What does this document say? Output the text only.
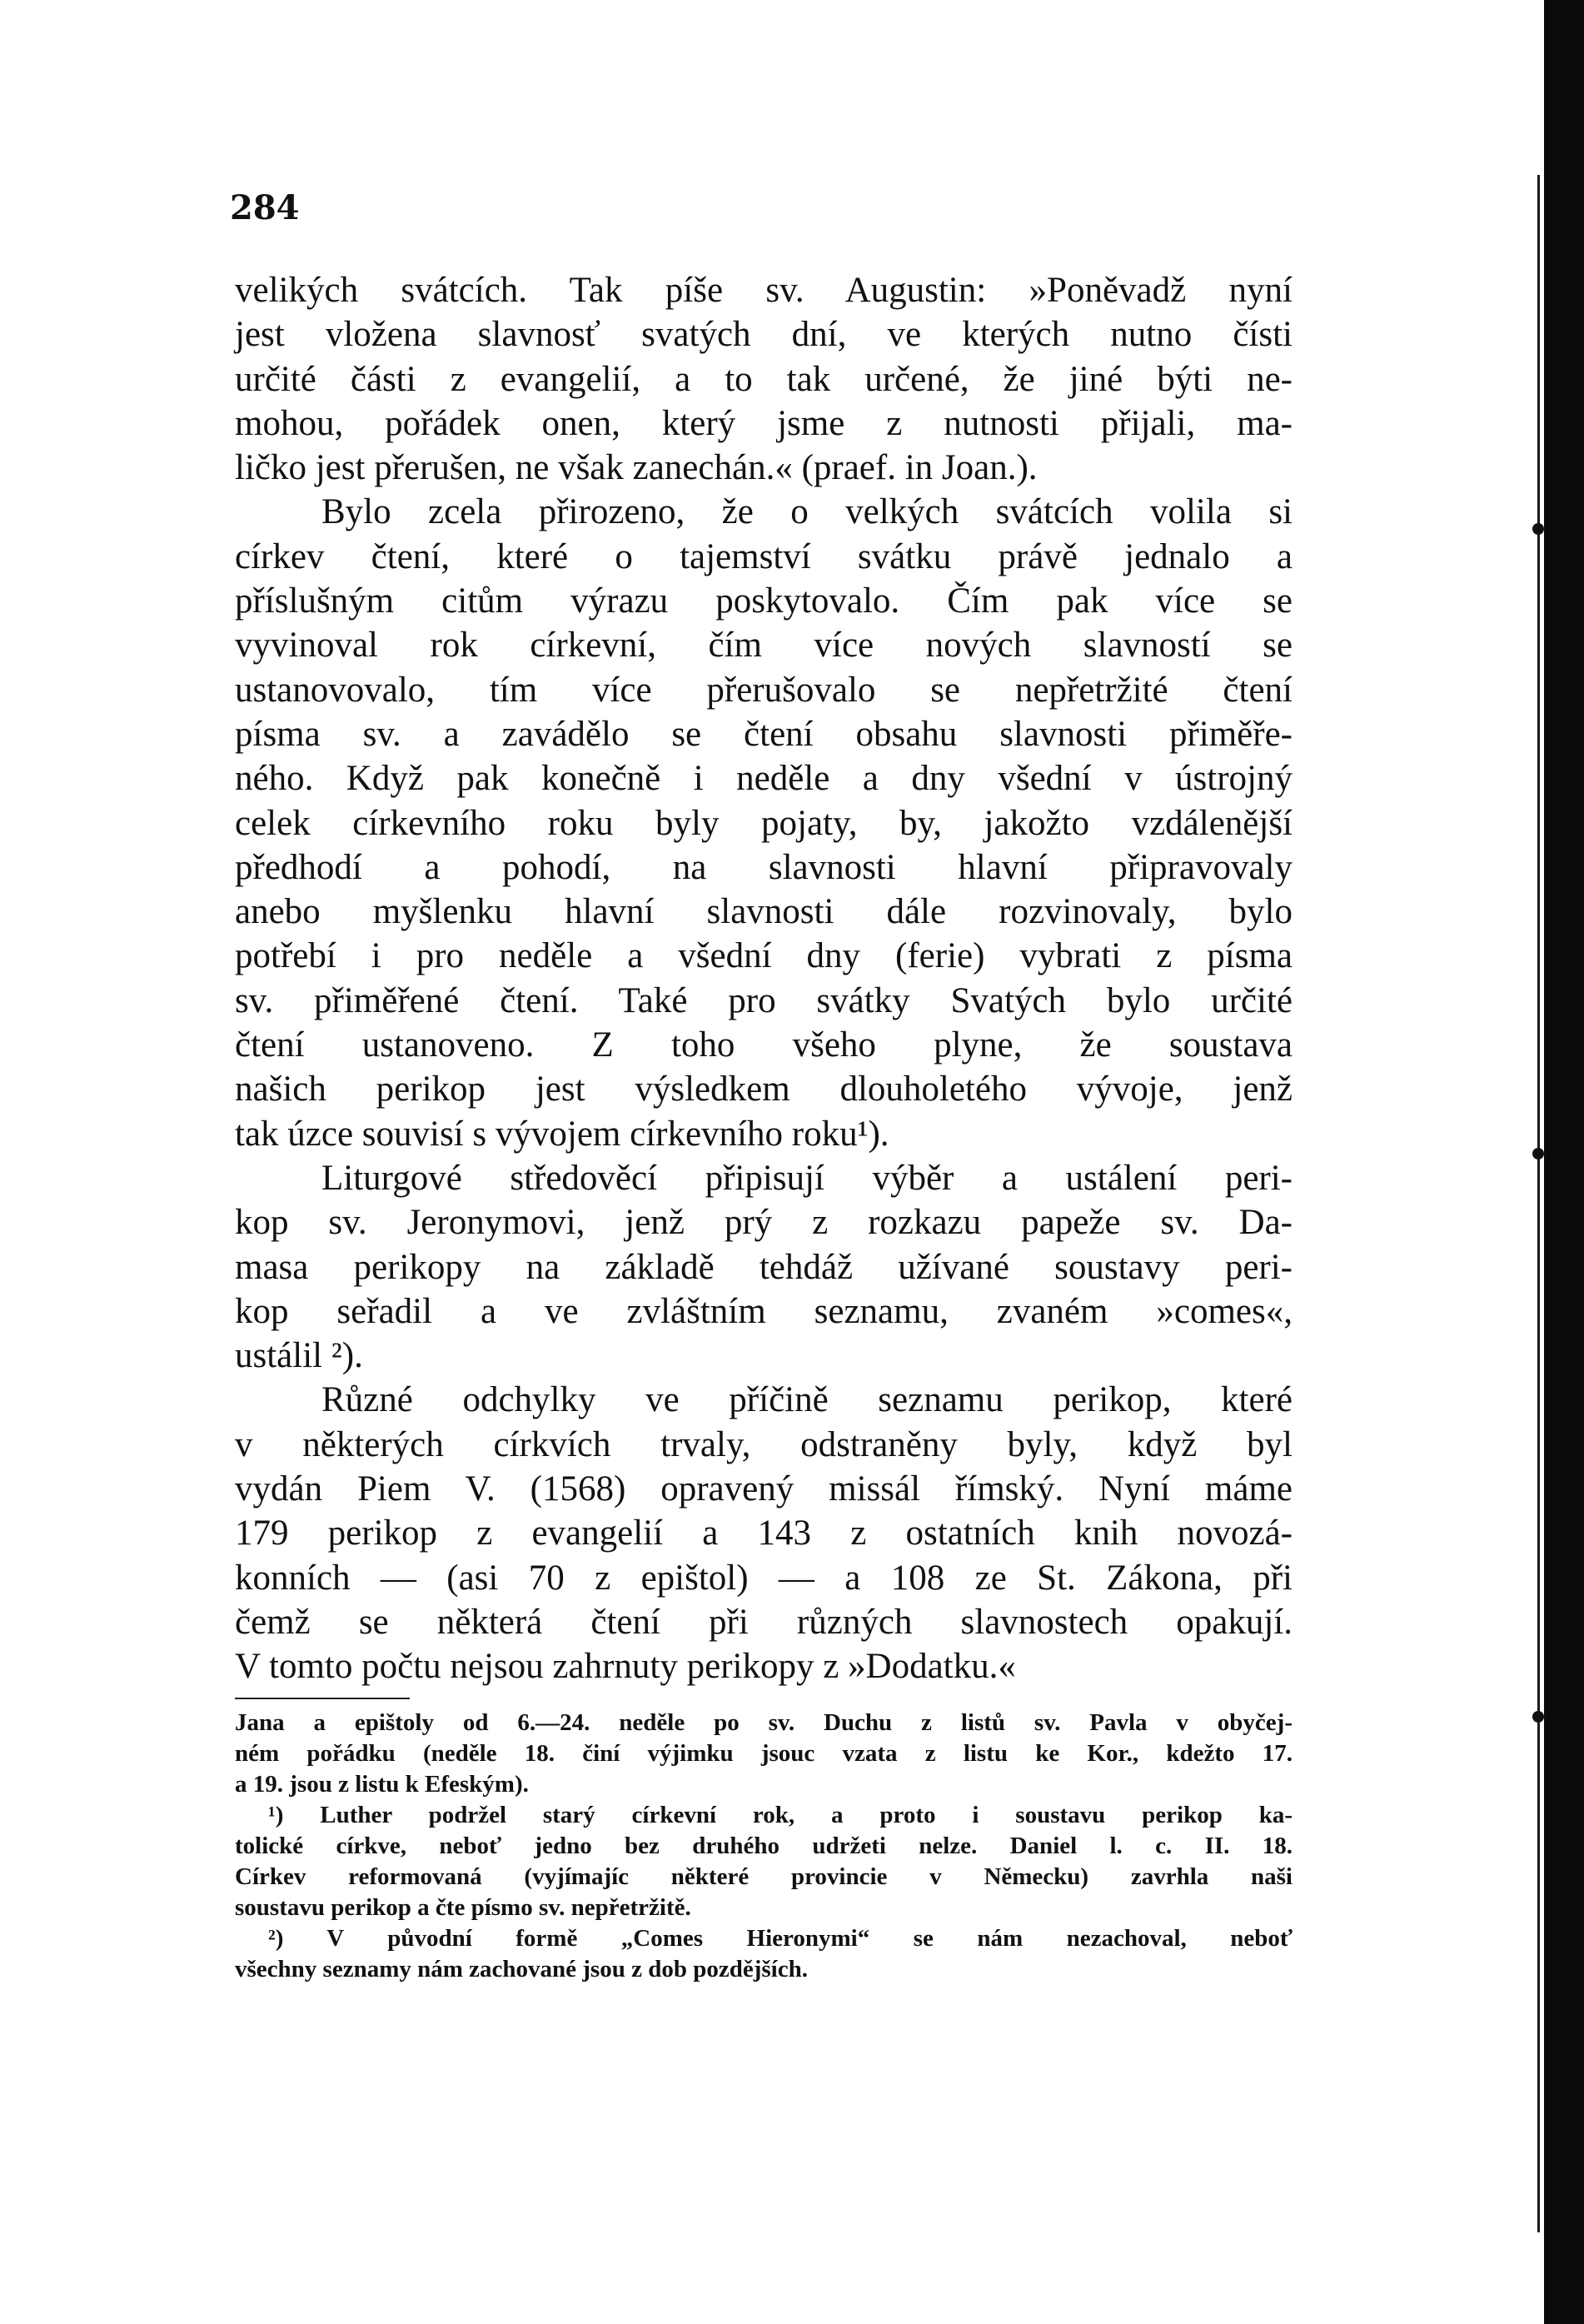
284
velikých svátcích. Tak píše sv. Augustin: »Poněvadž nyní
jest vložena slavnosť svatých dní, ve kterých nutno čísti
určité části z evangelií, a to tak určené, že jiné býti ne-
mohou, pořádek onen, který jsme z nutnosti přijali, ma-
ličko jest přerušen, ne však zanechán.« (praef. in Joan.).
Bylo zcela přirozeno, že o velkých svátcích volila si
církev čtení, které o tajemství svátku právě jednalo a
příslušným citům výrazu poskytovalo. Čím pak více se
vyvinoval rok církevní, čím více nových slavností se
ustanovovalo, tím více přerušovalo se nepřetržité čtení
písma sv. a zavádělo se čtení obsahu slavnosti přiměře-
ného. Když pak konečně i neděle a dny všední v ústrojný
celek církevního roku byly pojaty, by, jakožto vzdálenější
předhodí a pohodí, na slavnosti hlavní připravovaly
anebo myšlenku hlavní slavnosti dále rozvinovaly, bylo
potřebí i pro neděle a všední dny (ferie) vybrati z písma
sv. přiměřené čtení. Také pro svátky Svatých bylo určité
čtení ustanoveno. Z toho všeho plyne, že soustava
našich perikop jest výsledkem dlouholetého vývoje, jenž
tak úzce souvisí s vývojem církevního roku¹).
Liturgové středověcí připisují výběr a ustálení peri-
kop sv. Jeronymovi, jenž prý z rozkazu papeže sv. Da-
masa perikopy na základě tehdáž užívané soustavy peri-
kop seřadil a ve zvláštním seznamu, zvaném »comes«,
ustálil ²).
Různé odchylky ve příčině seznamu perikop, které
v některých církvích trvaly, odstraněny byly, když byl
vydán Piem V. (1568) opravený missál římský. Nyní máme
179 perikop z evangelií a 143 z ostatních knih novozá-
konních — (asi 70 z epištol) — a 108 ze St. Zákona, při
čemž se některá čtení při různých slavnostech opakují.
V tomto počtu nejsou zahrnuty perikopy z »Dodatku.«
Jana a epištoly od 6.—24. neděle po sv. Duchu z listů sv. Pavla v obyčej-
ném pořádku (neděle 18. činí výjimku jsouc vzata z listu ke Kor., kdežto 17.
a 19. jsou z listu k Efeským).
¹) Luther podržel starý církevní rok, a proto i soustavu perikop ka-
tolické církve, neboť jedno bez druhého udržeti nelze. Daniel l. c. II. 18.
Církev reformovaná (vyjímajíc některé provincie v Německu) zavrhla naši
soustavu perikop a čte písmo sv. nepřetržitě.
²) V původní formě „Comes Hieronymi“ se nám nezachoval, neboť
všechny seznamy nám zachované jsou z dob pozdějších.
